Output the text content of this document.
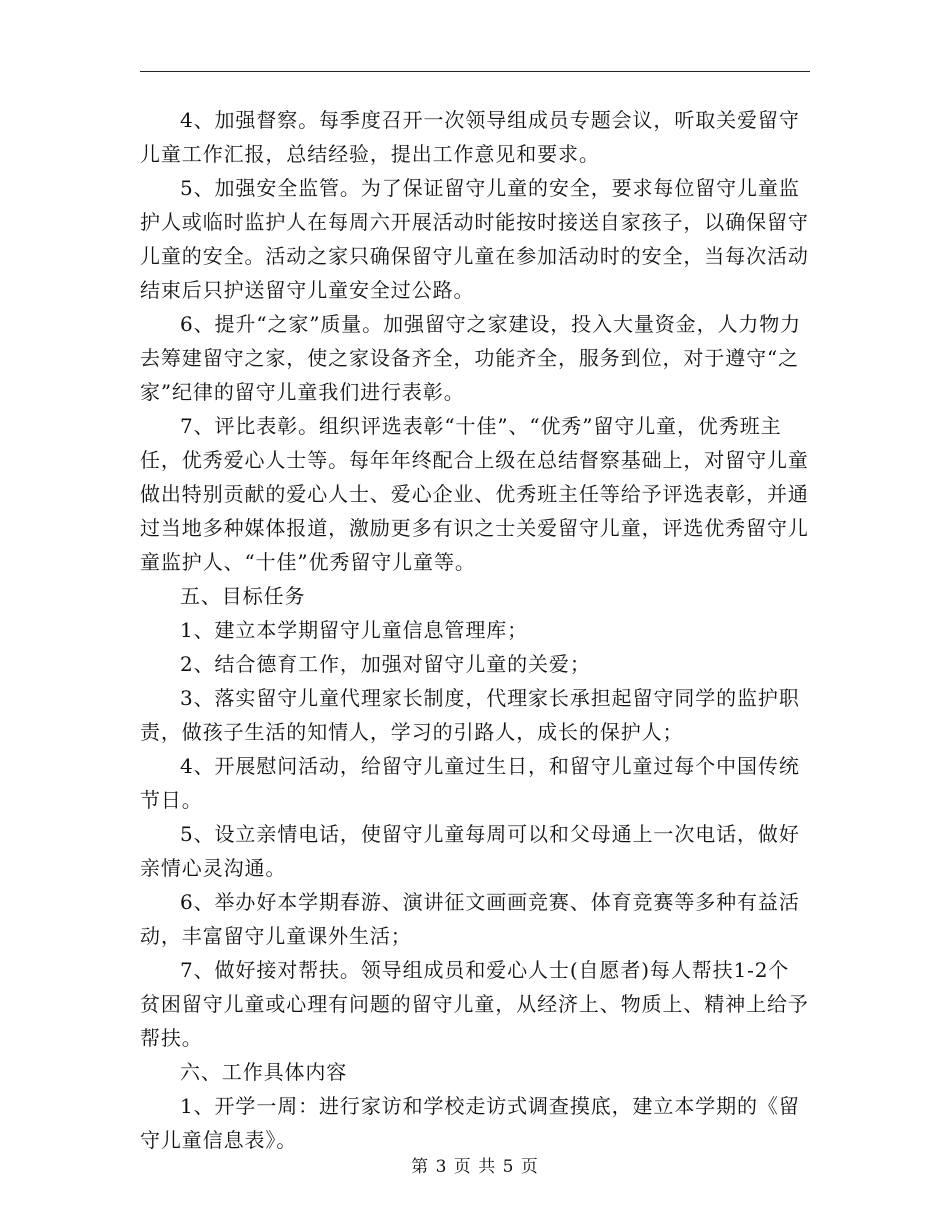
4、加强督察。每季度召开一次领导组成员专题会议，听取关爱留守儿童工作汇报，总结经验，提出工作意见和要求。

5、加强安全监管。为了保证留守儿童的安全，要求每位留守儿童监护人或临时监护人在每周六开展活动时能按时接送自家孩子，以确保留守儿童的安全。活动之家只确保留守儿童在参加活动时的安全，当每次活动结束后只护送留守儿童安全过公路。

6、提升“之家”质量。加强留守之家建设，投入大量资金，人力物力去筹建留守之家，使之家设备齐全，功能齐全，服务到位，对于遵守“之家”纪律的留守儿童我们进行表彰。

7、评比表彰。组织评选表彰“十佳”、“优秀”留守儿童，优秀班主任，优秀爱心人士等。每年年终配合上级在总结督察基础上，对留守儿童做出特别贡献的爱心人士、爱心企业、优秀班主任等给予评选表彰，并通过当地多种媒体报道，激励更多有识之士关爱留守儿童，评选优秀留守儿童监护人、“十佳”优秀留守儿童等。

五、目标任务

1、建立本学期留守儿童信息管理库；

2、结合德育工作，加强对留守儿童的关爱；

3、落实留守儿童代理家长制度，代理家长承担起留守同学的监护职责，做孩子生活的知情人，学习的引路人，成长的保护人；

4、开展慰问活动，给留守儿童过生日，和留守儿童过每个中国传统节日。

5、设立亲情电话，使留守儿童每周可以和父母通上一次电话，做好亲情心灵沟通。

6、举办好本学期春游、演讲征文画画竞赛、体育竞赛等多种有益活动，丰富留守儿童课外生活；

7、做好接对帮扶。领导组成员和爱心人士(自愿者)每人帮扶1-2个贫困留守儿童或心理有问题的留守儿童，从经济上、物质上、精神上给予帮扶。

六、工作具体内容

1、开学一周：进行家访和学校走访式调查摸底，建立本学期的《留守儿童信息表》。

第 3 页 共 5 页
